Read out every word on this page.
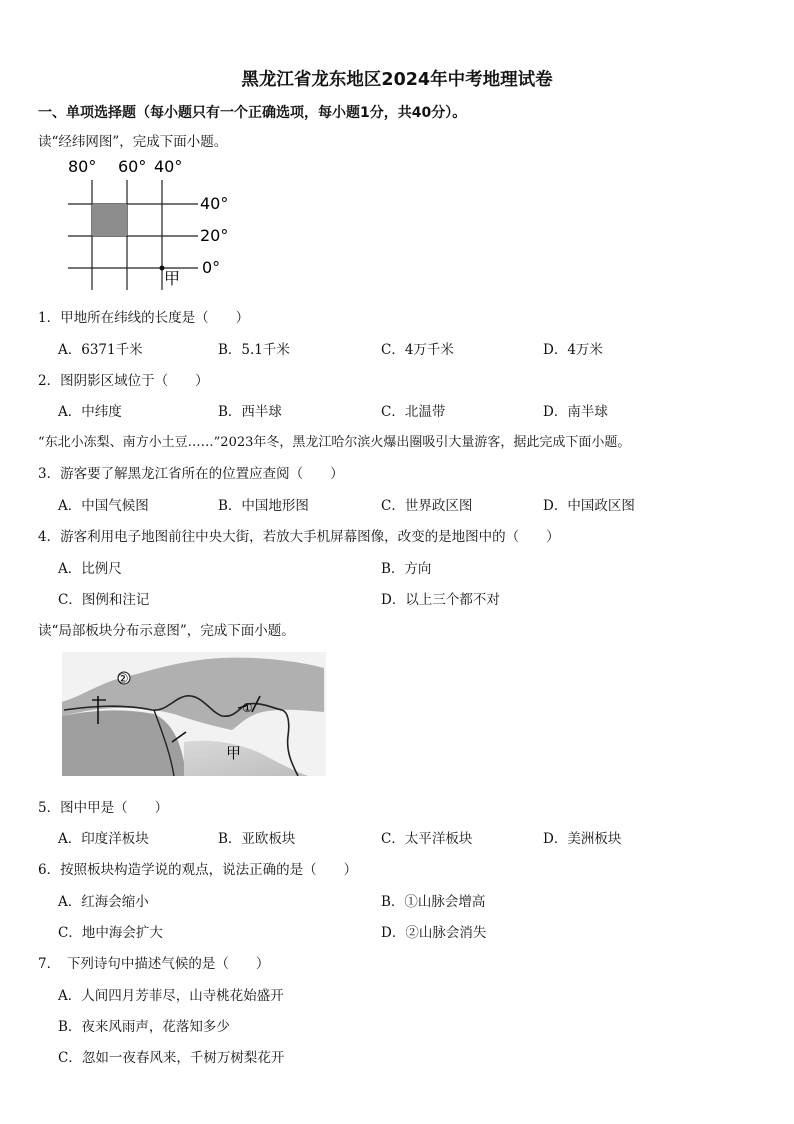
黑龙江省龙东地区2024年中考地理试卷
一、单项选择题（每小题只有一个正确选项，每小题1分，共40分）。
读“经纬网图”，完成下面小题。
80° 60° 40°
40°
20°
0°
甲
1．甲地所在纬线的长度是（　　）
A．6371千米	B．5.1千米	C．4万千米	D．4万米
2．图阴影区域位于（　　）
A．中纬度	B．西半球	C．北温带	D．南半球
“东北小冻梨、南方小土豆……”2023年冬，黑龙江哈尔滨火爆出圈吸引大量游客，据此完成下面小题。
3．游客要了解黑龙江省所在的位置应查阅（　　）
A．中国气候图	B．中国地形图	C．世界政区图	D．中国政区图
4．游客利用电子地图前往中央大街，若放大手机屏幕图像，改变的是地图中的（　　）
A．比例尺	B．方向
C．图例和注记	D．以上三个都不对
读“局部板块分布示意图”，完成下面小题。
②
①
甲
5．图中甲是（　　）
A．印度洋板块	B．亚欧板块	C．太平洋板块	D．美洲板块
6．按照板块构造学说的观点，说法正确的是（　　）
A．红海会缩小	B．①山脉会增高
C．地中海会扩大	D．②山脉会消失
7．　下列诗句中描述气候的是（　　）
A．人间四月芳菲尽，山寺桃花始盛开
B．夜来风雨声，花落知多少
C．忽如一夜春风来，千树万树梨花开
